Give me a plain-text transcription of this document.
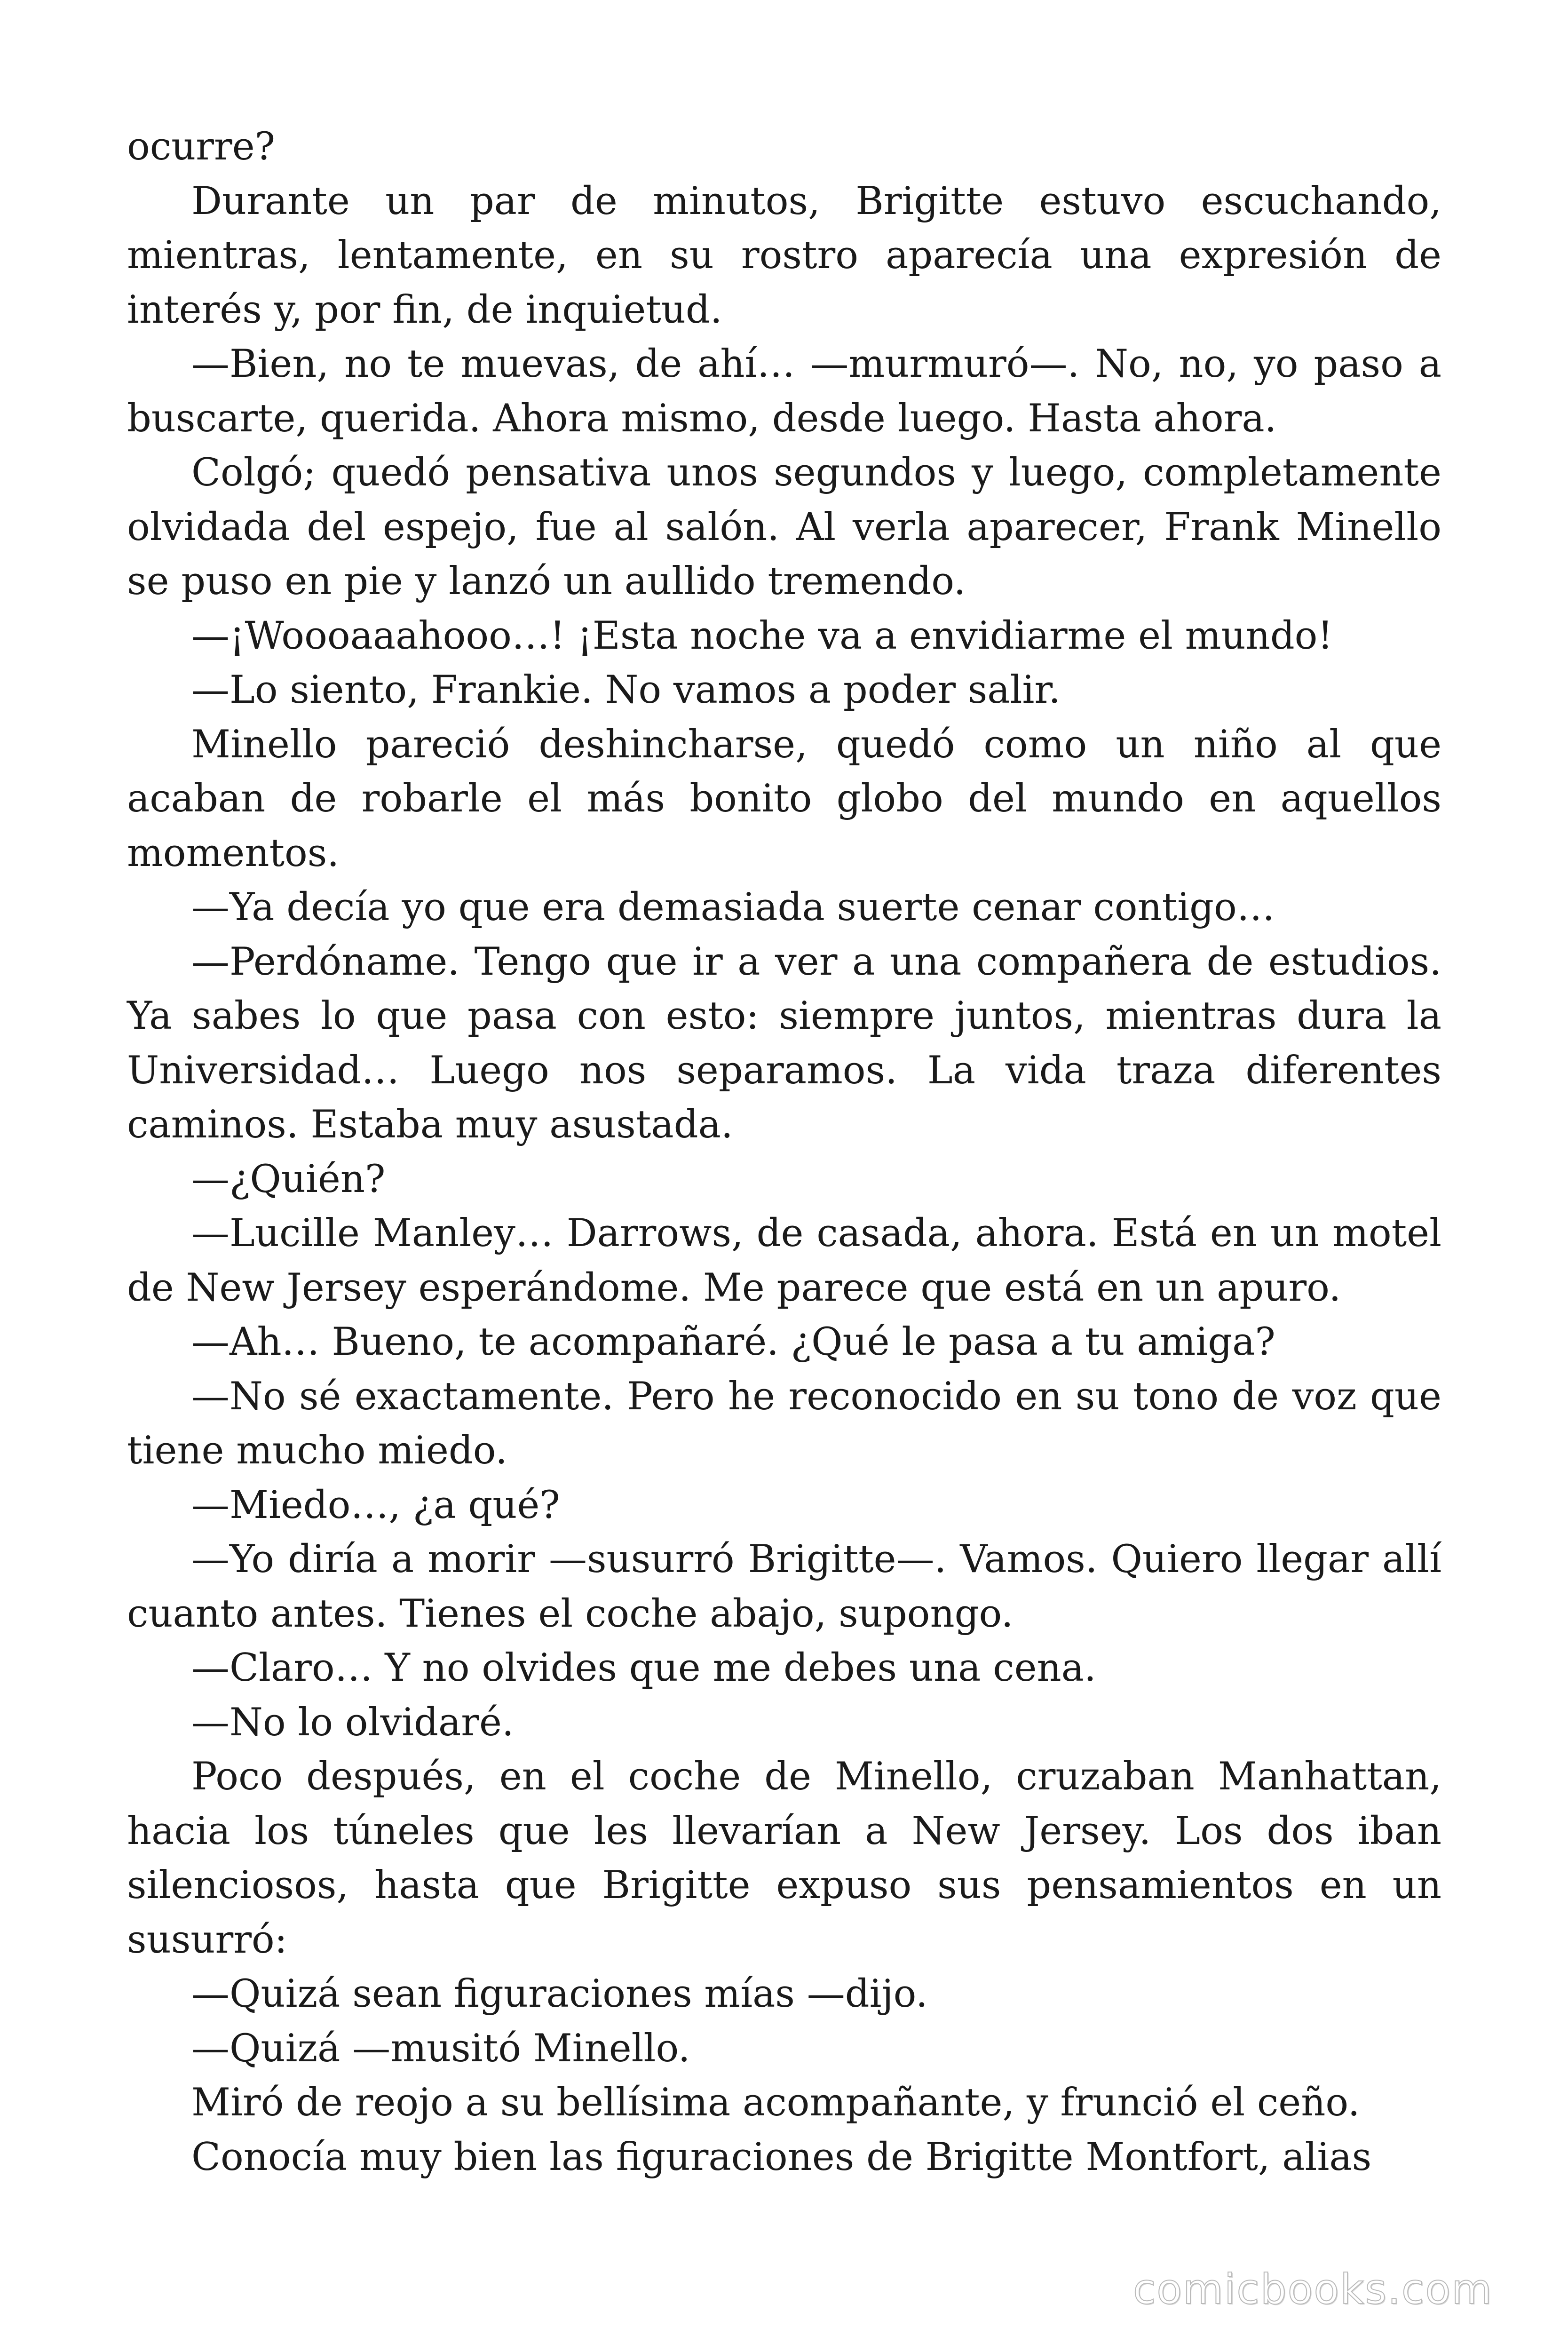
ocurre?

Durante un par de minutos, Brigitte estuvo escuchando, mientras, lentamente, en su rostro aparecía una expresión de interés y, por fin, de inquietud.

—Bien, no te muevas, de ahí… —murmuró—. No, no, yo paso a buscarte, querida. Ahora mismo, desde luego. Hasta ahora.

Colgó; quedó pensativa unos segundos y luego, completamente olvidada del espejo, fue al salón. Al verla aparecer, Frank Minello se puso en pie y lanzó un aullido tremendo.

—¡Woooaaahooo…! ¡Esta noche va a envidiarme el mundo!

—Lo siento, Frankie. No vamos a poder salir.

Minello pareció deshincharse, quedó como un niño al que acaban de robarle el más bonito globo del mundo en aquellos momentos.

—Ya decía yo que era demasiada suerte cenar contigo…

—Perdóname. Tengo que ir a ver a una compañera de estudios. Ya sabes lo que pasa con esto: siempre juntos, mientras dura la Universidad… Luego nos separamos. La vida traza diferentes caminos. Estaba muy asustada.

—¿Quién?

—Lucille Manley… Darrows, de casada, ahora. Está en un motel de New Jersey esperándome. Me parece que está en un apuro.

—Ah… Bueno, te acompañaré. ¿Qué le pasa a tu amiga?

—No sé exactamente. Pero he reconocido en su tono de voz que tiene mucho miedo.

—Miedo…, ¿a qué?

—Yo diría a morir —susurró Brigitte—. Vamos. Quiero llegar allí cuanto antes. Tienes el coche abajo, supongo.

—Claro… Y no olvides que me debes una cena.

—No lo olvidaré.

Poco después, en el coche de Minello, cruzaban Manhattan, hacia los túneles que les llevarían a New Jersey. Los dos iban silenciosos, hasta que Brigitte expuso sus pensamientos en un susurró:

—Quizá sean figuraciones mías —dijo.

—Quizá —musitó Minello.

Miró de reojo a su bellísima acompañante, y frunció el ceño.

Conocía muy bien las figuraciones de Brigitte Montfort, alias

comicbooks.com
